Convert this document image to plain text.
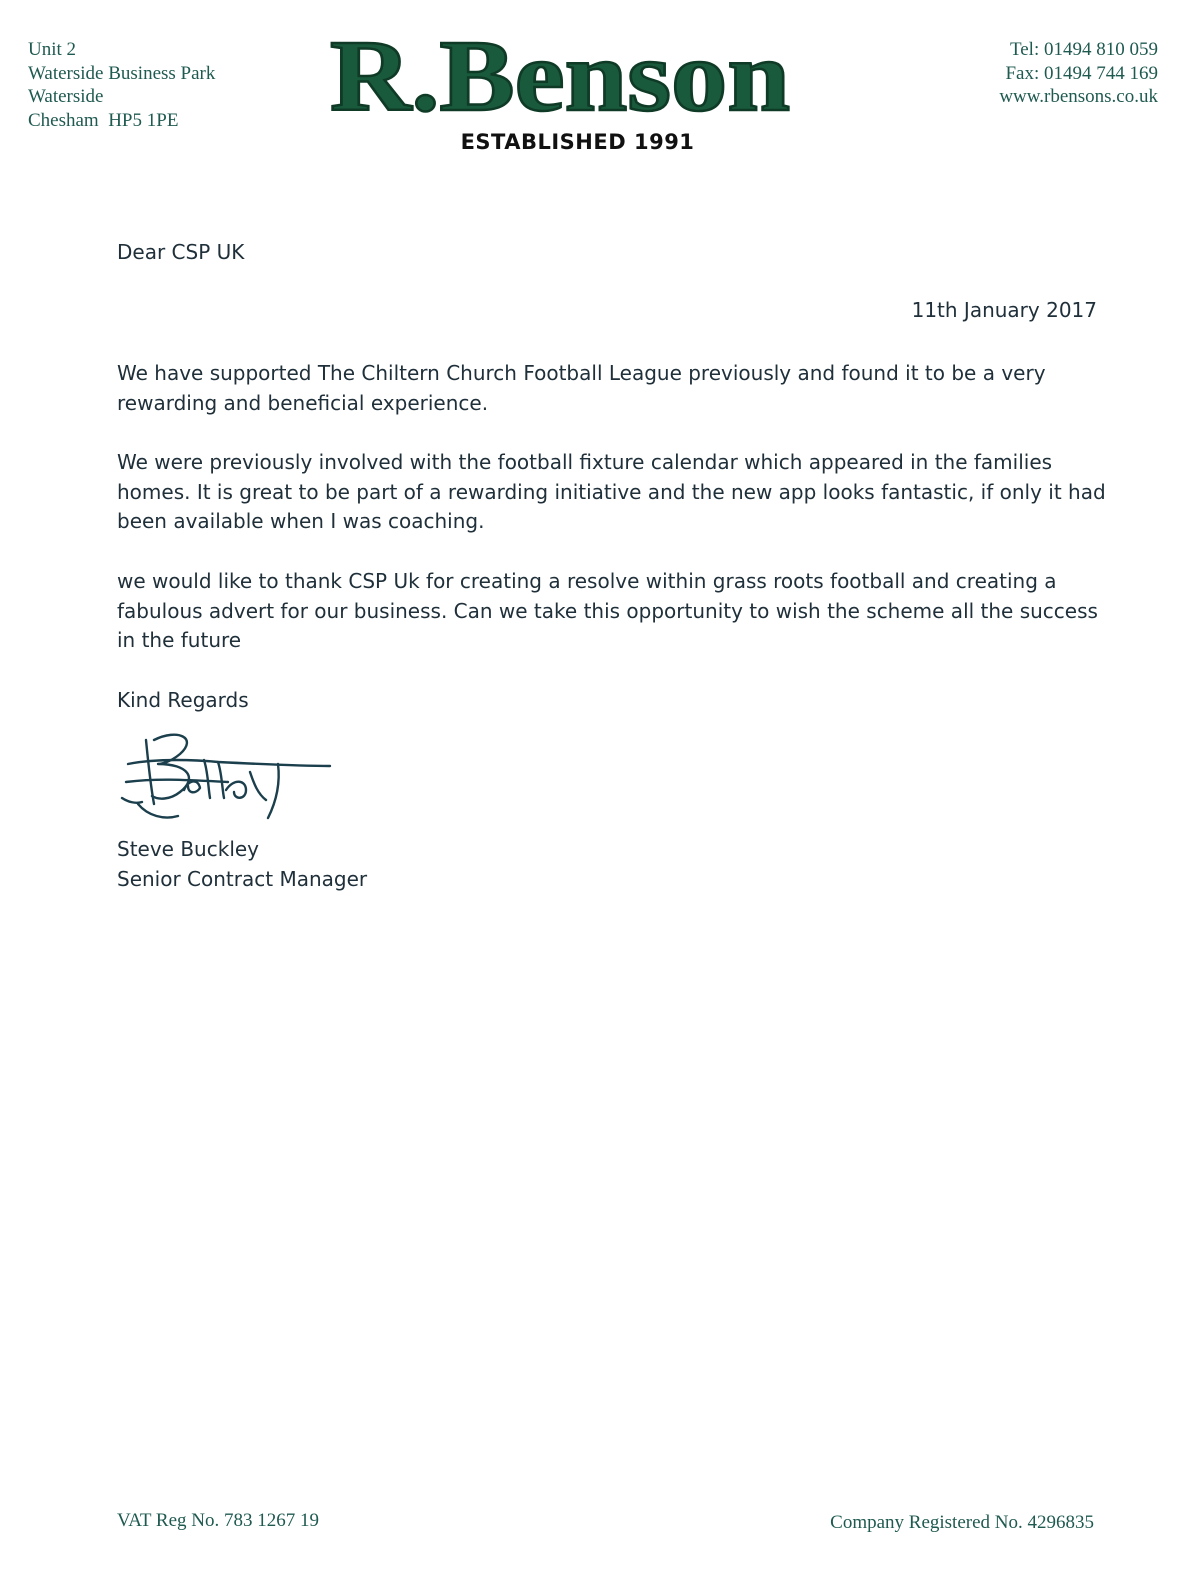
Unit 2
Waterside Business Park
Waterside
Chesham  HP5 1PE	R.Benson
ESTABLISHED 1991
Tel: 01494 810 059
Fax: 01494 744 169
www.rbensons.co.uk
Dear CSP UK
11th January 2017
We have supported The Chiltern Church Football League previously and found it to be a very rewarding and beneficial experience.
We were previously involved with the football fixture calendar which appeared in the families homes. It is great to be part of a rewarding initiative and the new app looks fantastic, if only it had been available when I was coaching.
we would like to thank CSP Uk for creating a resolve within grass roots football and creating a fabulous advert for our business. Can we take this opportunity to wish the scheme all the success in the future
Kind Regards
Steve Buckley
Senior Contract Manager
VAT Reg No. 783 1267 19	Company Registered No. 4296835
